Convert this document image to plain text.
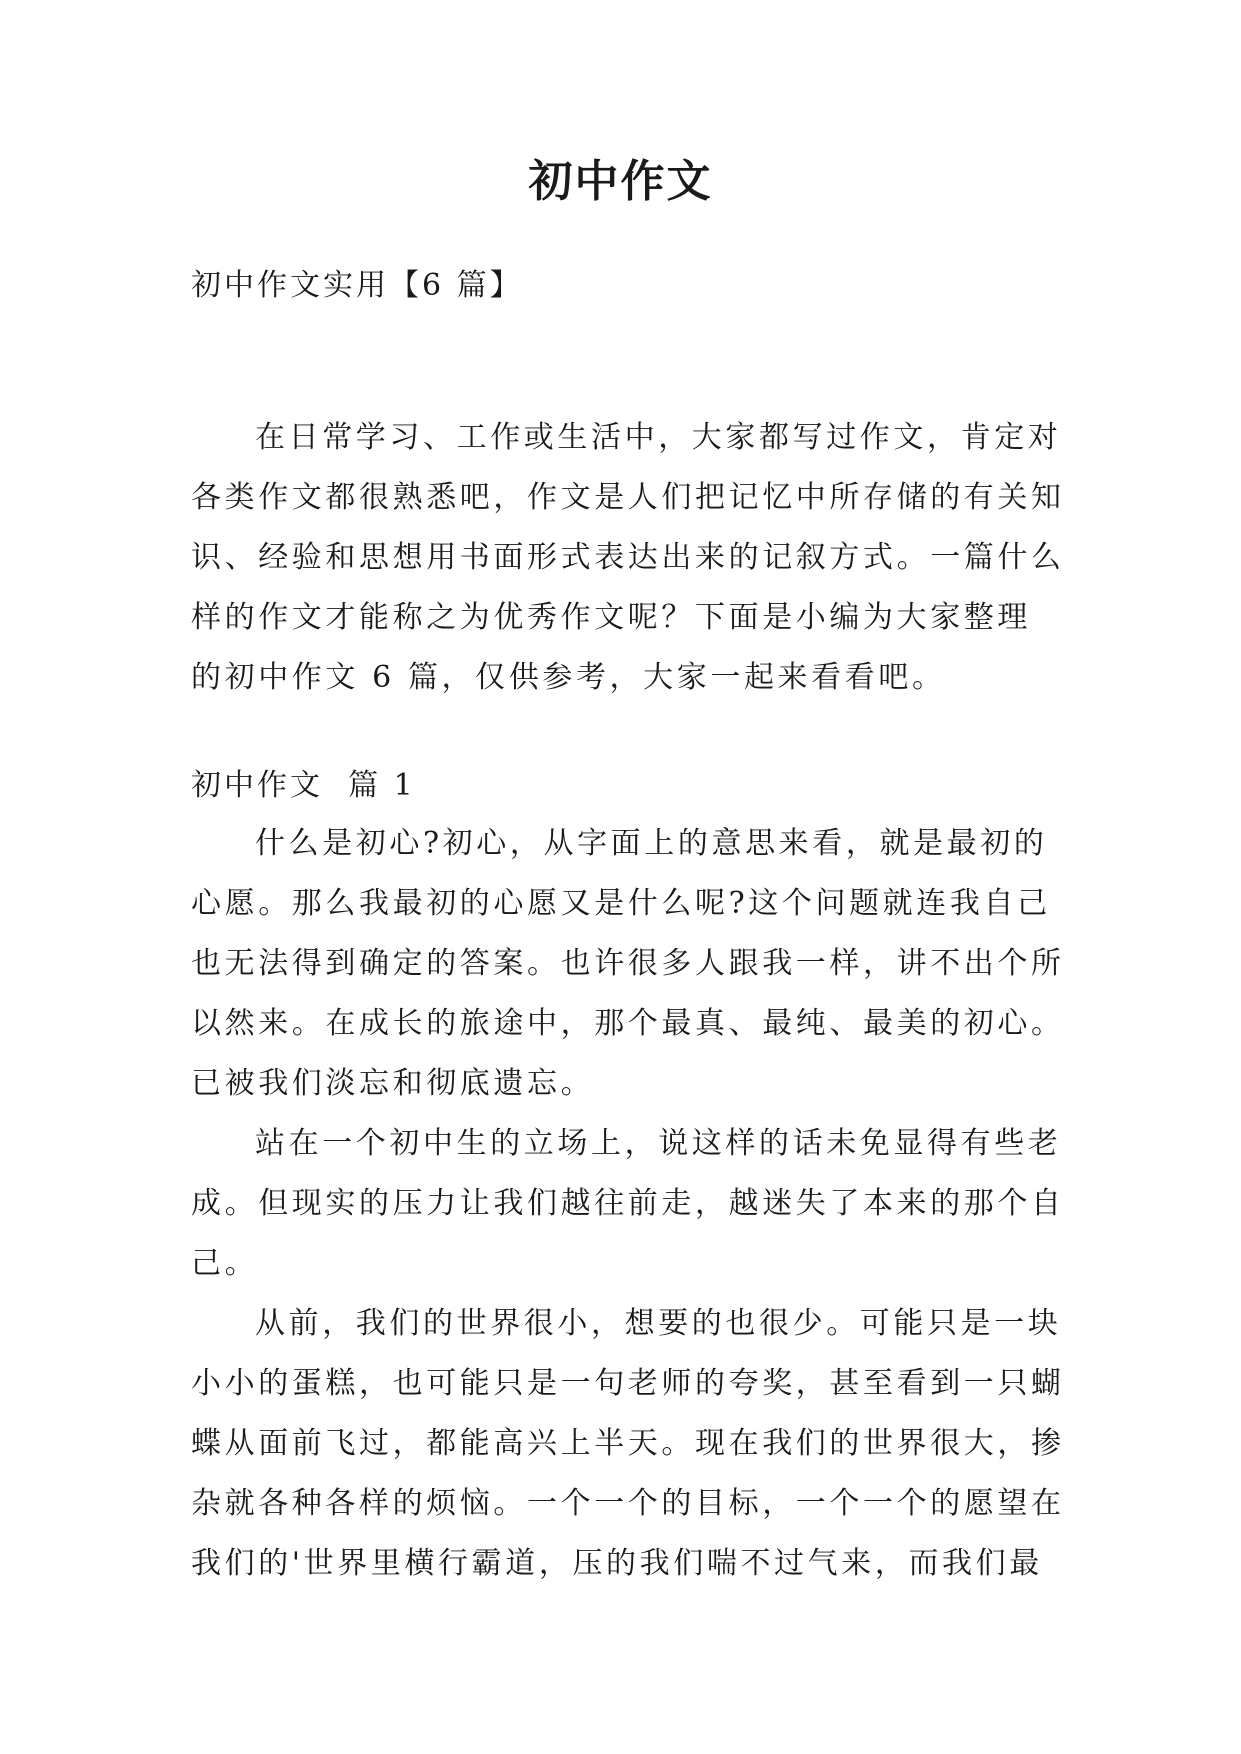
初中作文

初中作文实用【6 篇】

在日常学习、工作或生活中，大家都写过作文，肯定对
各类作文都很熟悉吧，作文是人们把记忆中所存储的有关知
识、经验和思想用书面形式表达出来的记叙方式。一篇什么
样的作文才能称之为优秀作文呢？下面是小编为大家整理
的初中作文 6 篇，仅供参考，大家一起来看看吧。
初中作文  篇 1
什么是初心?初心，从字面上的意思来看，就是最初的
心愿。那么我最初的心愿又是什么呢?这个问题就连我自己
也无法得到确定的答案。也许很多人跟我一样，讲不出个所
以然来。在成长的旅途中，那个最真、最纯、最美的初心。
已被我们淡忘和彻底遗忘。
站在一个初中生的立场上，说这样的话未免显得有些老
成。但现实的压力让我们越往前走，越迷失了本来的那个自
己。
从前，我们的世界很小，想要的也很少。可能只是一块
小小的蛋糕，也可能只是一句老师的夸奖，甚至看到一只蝴
蝶从面前飞过，都能高兴上半天。现在我们的世界很大，掺
杂就各种各样的烦恼。一个一个的目标，一个一个的愿望在
我们的'世界里横行霸道，压的我们喘不过气来，而我们最
